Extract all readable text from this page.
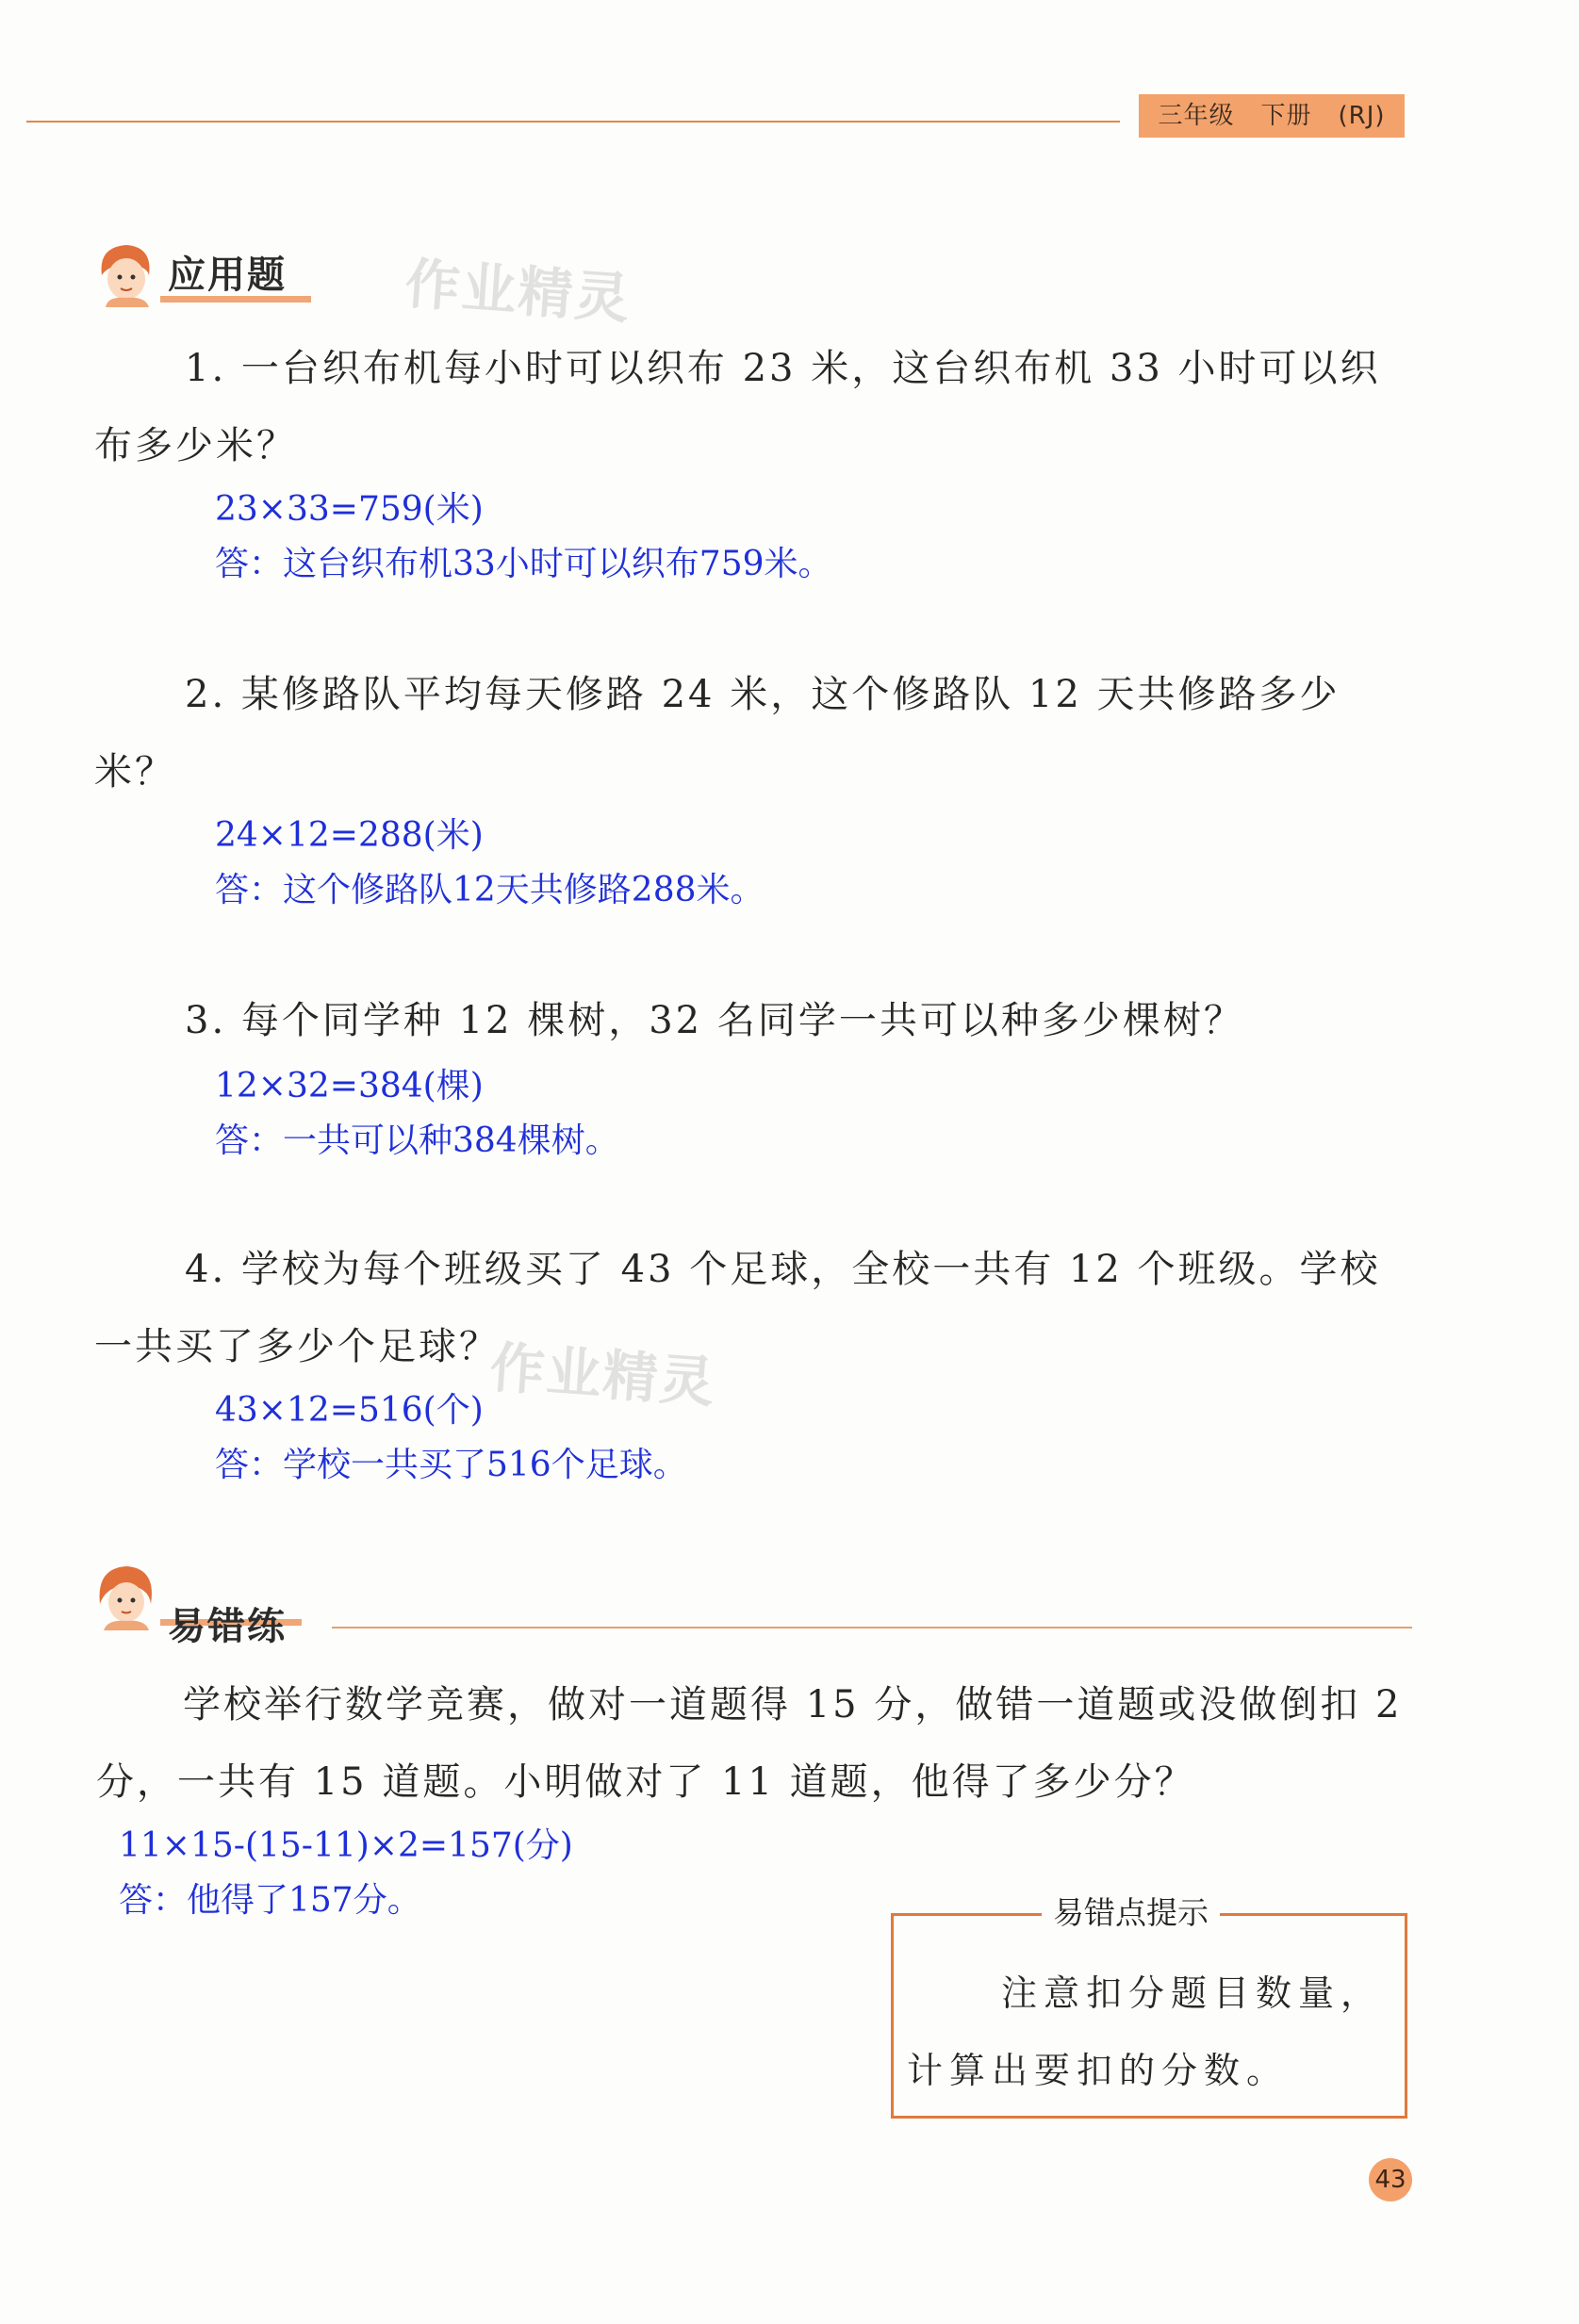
三年级 下册 (RJ)
应用题 作业精灵
1. 一台织布机每小时可以织布 23 米，这台织布机 33 小时可以织布多少米？
23×33=759(米)
答：这台织布机33小时可以织布759米。
2. 某修路队平均每天修路 24 米，这个修路队 12 天共修路多少米？
24×12=288(米)
答：这个修路队12天共修路288米。
3. 每个同学种 12 棵树，32 名同学一共可以种多少棵树？
12×32=384(棵)
答：一共可以种384棵树。
4. 学校为每个班级买了 43 个足球，全校一共有 12 个班级。学校一共买了多少个足球？
作业精灵
43×12=516(个)
答：学校一共买了516个足球。
易错练
学校举行数学竞赛，做对一道题得 15 分，做错一道题或没做倒扣 2 分，一共有 15 道题。小明做对了 11 道题，他得了多少分？
11×15-(15-11)×2=157(分)
答：他得了157分。	易错点提示
注意扣分题目数量，计算出要扣的分数。
43
